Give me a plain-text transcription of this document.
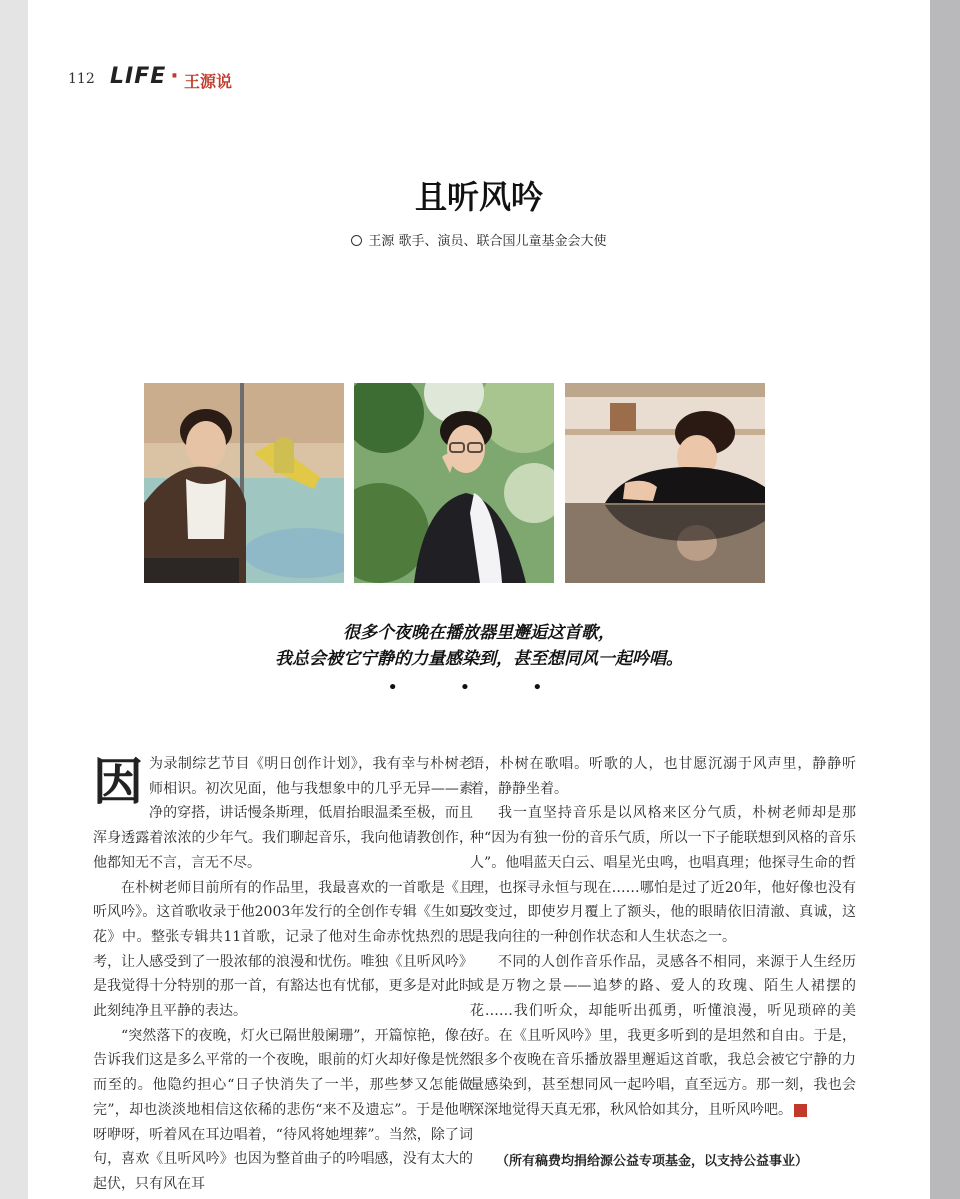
112 LIFE · 王源说
且听风吟
王源 歌手、演员、联合国儿童基金会大使
很多个夜晚在播放器里邂逅这首歌，
我总会被它宁静的力量感染到，甚至想同风一起吟唱。
• • •

因为录制综艺节目《明日创作计划》，我有幸与朴树老师相识。初次见面，他与我想象中的几乎无异——素净的穿搭，讲话慢条斯理，低眉抬眼温柔至极，而且浑身透露着浓浓的少年气。我们聊起音乐，我向他请教创作，他都知无不言，言无不尽。

在朴树老师目前所有的作品里，我最喜欢的一首歌是《且听风吟》。这首歌收录于他2003年发行的全创作专辑《生如夏花》中。整张专辑共11首歌，记录了他对生命赤忱热烈的思考，让人感受到了一股浓郁的浪漫和忧伤。唯独《且听风吟》是我觉得十分特别的那一首，有豁达也有忧郁，更多是对此时此刻纯净且平静的表达。

“突然落下的夜晚，灯火已隔世般阑珊”，开篇惊艳，像在告诉我们这是多么平常的一个夜晚，眼前的灯火却好像是恍然而至的。他隐约担心“日子快消失了一半，那些梦又怎能做完”，却也淡淡地相信这依稀的悲伤“来不及遗忘”。于是他咿呀咿呀，听着风在耳边唱着，“待风将她埋葬”。当然，除了词句，喜欢《且听风吟》也因为整首曲子的吟唱感，没有太大的起伏，只有风在耳

语，朴树在歌唱。听歌的人，也甘愿沉溺于风声里，静静听着，静静坐着。

我一直坚持音乐是以风格来区分气质，朴树老师却是那种“因为有独一份的音乐气质，所以一下子能联想到风格的音乐人”。他唱蓝天白云、唱星光虫鸣，也唱真理；他探寻生命的哲理，也探寻永恒与现在……哪怕是过了近20年，他好像也没有改变过，即使岁月覆上了额头，他的眼睛依旧清澈、真诚，这是我向往的一种创作状态和人生状态之一。

不同的人创作音乐作品，灵感各不相同，来源于人生经历或是万物之景——追梦的路、爱人的玫瑰、陌生人裙摆的花……我们听众，却能听出孤勇，听懂浪漫，听见琐碎的美好。在《且听风吟》里，我更多听到的是坦然和自由。于是，很多个夜晚在音乐播放器里邂逅这首歌，我总会被它宁静的力量感染到，甚至想同风一起吟唱，直至远方。那一刻，我也会深深地觉得天真无邪，秋风恰如其分，且听风吟吧。	G

（所有稿费均捐给源公益专项基金，以支持公益事业）
